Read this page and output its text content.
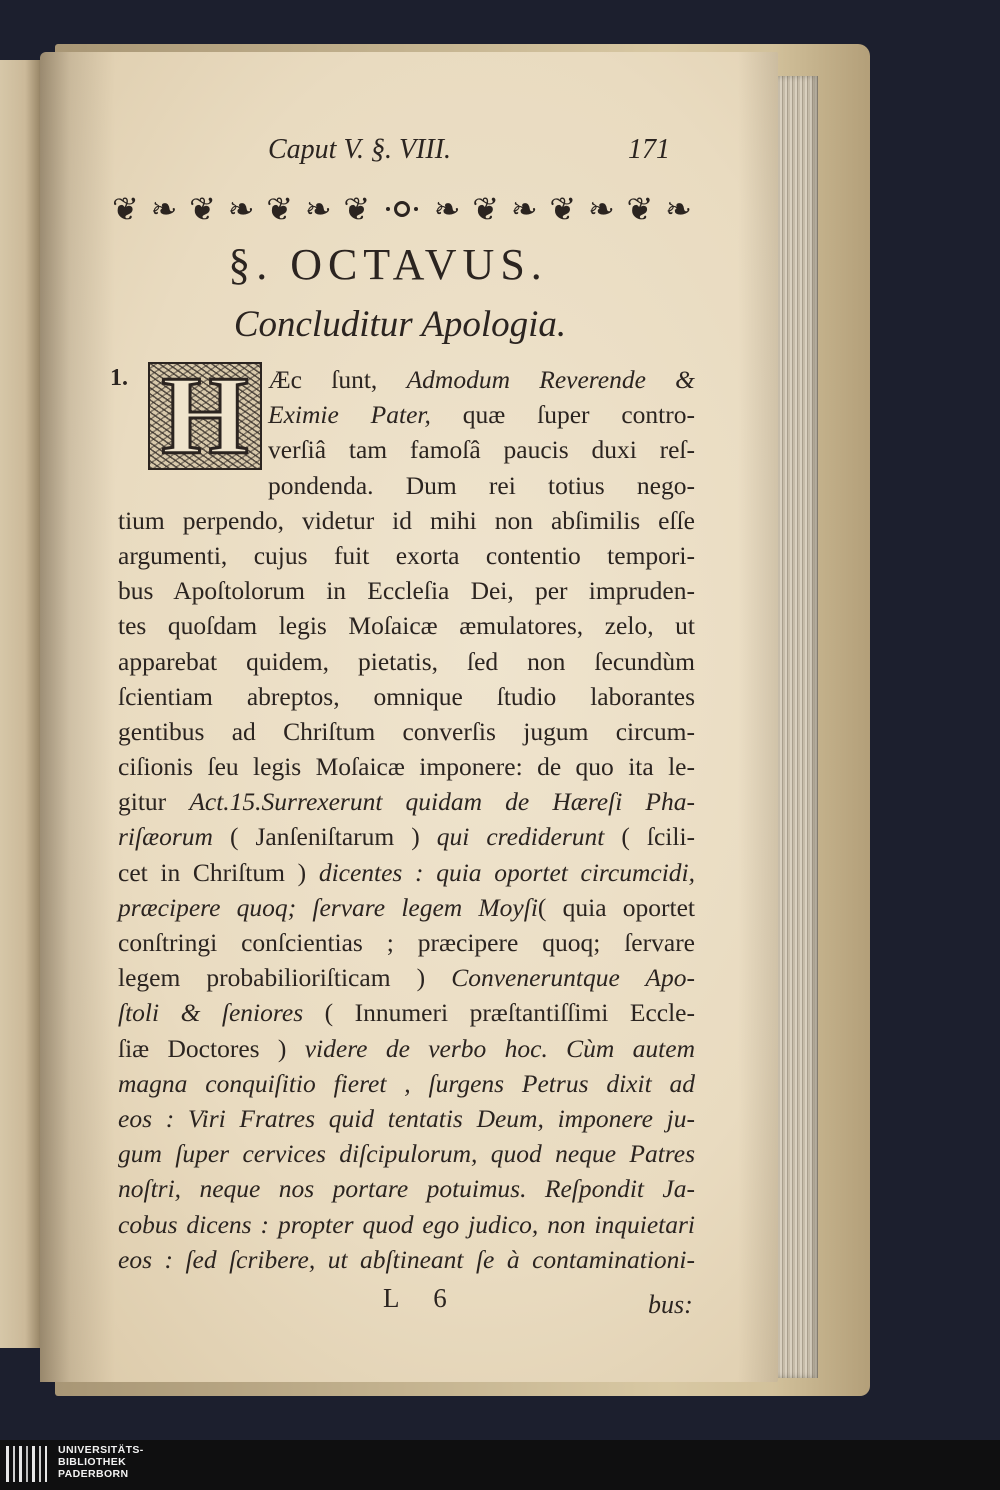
Caput V. §. VIII.	171
❦
❧
❦
❧
❦
❧
❦
❧
❦
❧
❦
❧
❦
❧
§. OCTAVUS.
Concluditur Apologia.
1. H Æc ſunt, Admodum Reverende &
Eximie Pater, quæ ſuper contro-
verſiâ tam famoſâ paucis duxi reſ-
pondenda. Dum rei totius nego-
tium perpendo, videtur id mihi non abſimilis eſſe
argumenti, cujus fuit exorta contentio tempori-
bus Apoſtolorum in Eccleſia Dei, per impruden-
tes quoſdam legis Moſaicæ æmulatores, zelo, ut
apparebat quidem, pietatis, ſed non ſecundùm
ſcientiam abreptos, omnique ſtudio laborantes
gentibus ad Chriſtum converſis jugum circum-
ciſionis ſeu legis Moſaicæ imponere: de quo ita le-
gitur Act.15.Surrexerunt quidam de Hæreſi Pha-
riſæorum ( Janſeniſtarum ) qui crediderunt ( ſcili-
cet in Chriſtum ) dicentes : quia oportet circumcidi,
præcipere quoq; ſervare legem Moyſi( quia oportet
conſtringi conſcientias ; præcipere quoq; ſervare
legem probabilioriſticam ) Conveneruntque Apo-
ſtoli & ſeniores ( Innumeri præſtantiſſimi Eccle-
ſiæ Doctores ) videre de verbo hoc. Cùm autem
magna conquiſitio fieret , ſurgens Petrus dixit ad
eos : Viri Fratres quid tentatis Deum, imponere ju-
gum ſuper cervices diſcipulorum, quod neque Patres
noſtri, neque nos portare potuimus. Reſpondit Ja-
cobus dicens : propter quod ego judico, non inquietari
eos : ſed ſcribere, ut abſtineant ſe à contaminationi-
L 6	bus:
UNIVERSITÄTS-
BIBLIOTHEK
PADERBORN
